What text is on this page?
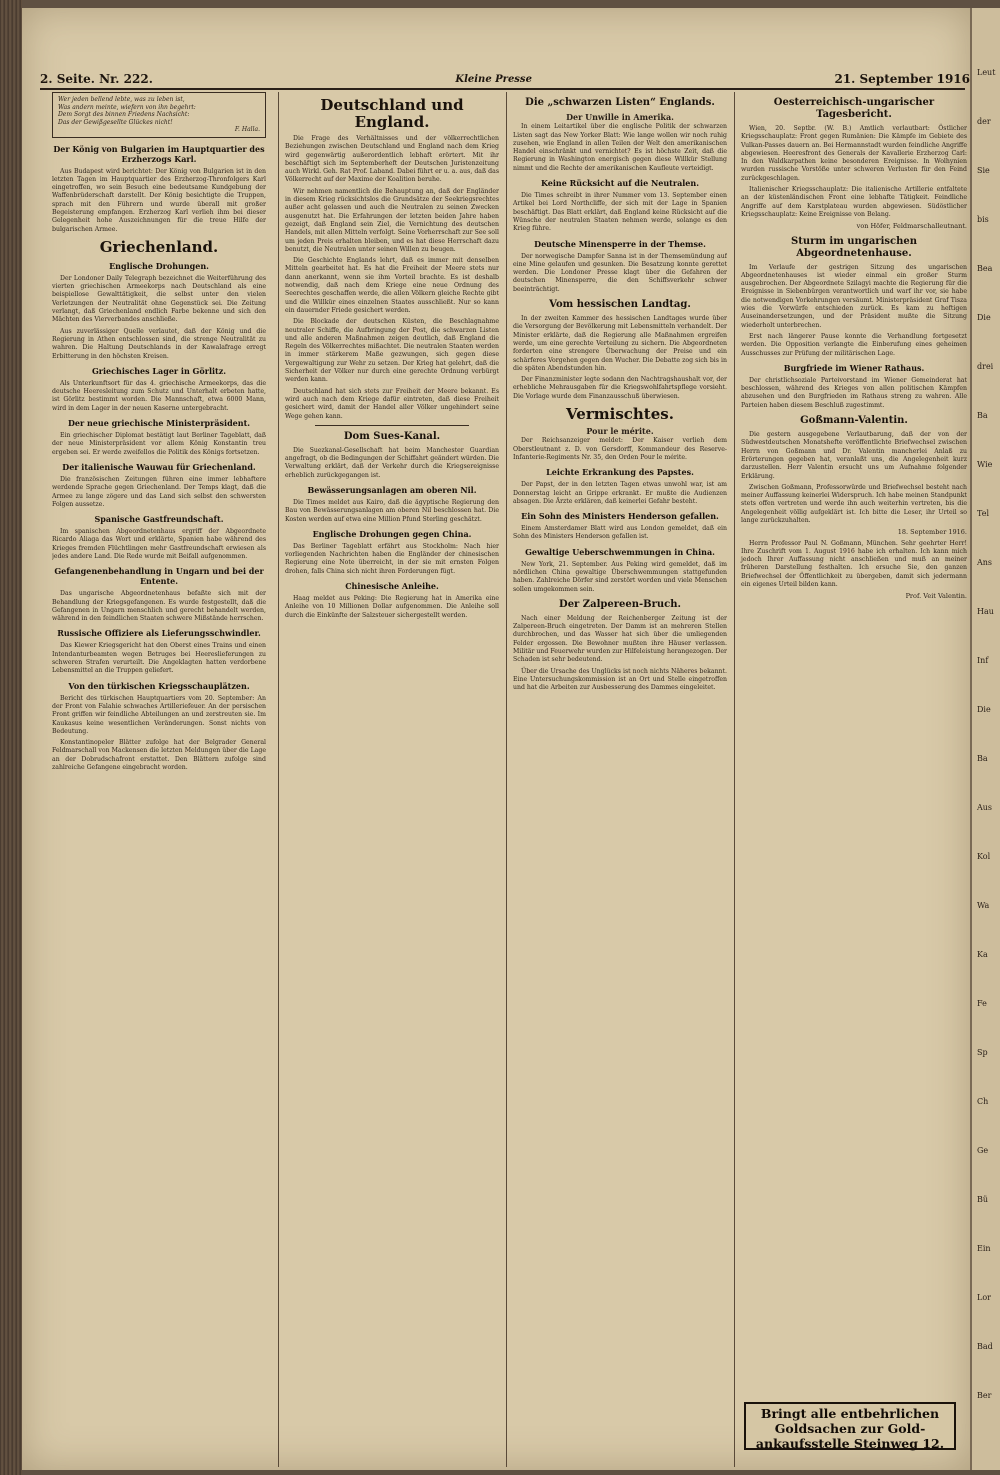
2. Seite. Nr. 222.	Kleine Presse	21. September 1916
Wer jeden bellend lebte, was zu leben ist,
Was andern meinte, wiefern von ihn begehrt:
Dem Sorgt des binnen Friedens Nachsicht:
Das der Gewißgesellte Glückes nicht!
F. Halla.
Der König von Bulgarien im Hauptquartier des Erzherzogs Karl.

Aus Budapest wird berichtet: Der König von Bulgarien ist in den letzten Tagen im Hauptquartier des Erzherzog-Thronfolgers Karl eingetroffen, wo sein Besuch eine bedeutsame Kundgebung der Waffenbrüderschaft darstellt. Der König besichtigte die Truppen, sprach mit den Führern und wurde überall mit großer Begeisterung empfangen. Erzherzog Karl verlieh ihm bei dieser Gelegenheit hohe Auszeichnungen für die treue Hilfe der bulgarischen Armee.

Griechenland.
Englische Drohungen.

Der Londoner Daily Telegraph bezeichnet die Weiterführung des vierten griechischen Armeekorps nach Deutschland als eine beispiellose Gewalttätigkeit, die selbst unter den vielen Verletzungen der Neutralität ohne Gegenstück sei. Die Zeitung verlangt, daß Griechenland endlich Farbe bekenne und sich den Mächten des Vierverbandes anschließe.

Aus zuverlässiger Quelle verlautet, daß der König und die Regierung in Athen entschlossen sind, die strenge Neutralität zu wahren. Die Haltung Deutschlands in der Kawalafrage erregt Erbitterung in den höchsten Kreisen.

Griechisches Lager in Görlitz.

Als Unterkunftsort für das 4. griechische Armeekorps, das die deutsche Heeresleitung zum Schutz und Unterhalt erbeten hatte, ist Görlitz bestimmt worden. Die Mannschaft, etwa 6000 Mann, wird in dem Lager in der neuen Kaserne untergebracht.

Der neue griechische Ministerpräsident.

Ein griechischer Diplomat bestätigt laut Berliner Tageblatt, daß der neue Ministerpräsident vor allem König Konstantin treu ergeben sei. Er werde zweifellos die Politik des Königs fortsetzen.

Der italienische Wauwau für Griechenland.

Die französischen Zeitungen führen eine immer lebhaftere werdende Sprache gegen Griechenland. Der Temps klagt, daß die Armee zu lange zögere und das Land sich selbst den schwersten Folgen aussetze.

Spanische Gastfreundschaft.

Im spanischen Abgeordnetenhaus ergriff der Abgeordnete Ricardo Aliaga das Wort und erklärte, Spanien habe während des Krieges fremden Flüchtlingen mehr Gastfreundschaft erwiesen als jedes andere Land. Die Rede wurde mit Beifall aufgenommen.

Gefangenenbehandlung in Ungarn und bei der Entente.

Das ungarische Abgeordnetenhaus befaßte sich mit der Behandlung der Kriegsgefangenen. Es wurde festgestellt, daß die Gefangenen in Ungarn menschlich und gerecht behandelt werden, während in den feindlichen Staaten schwere Mißstände herrschen.

Russische Offiziere als Lieferungsschwindler.

Das Kiewer Kriegsgericht hat den Oberst eines Trains und einen Intendanturbeamten wegen Betruges bei Heereslieferungen zu schweren Strafen verurteilt. Die Angeklagten hatten verdorbene Lebensmittel an die Truppen geliefert.

Von den türkischen Kriegsschauplätzen.

Bericht des türkischen Hauptquartiers vom 20. September: An der Front von Falahie schwaches Artilleriefeuer. An der persischen Front griffen wir feindliche Abteilungen an und zerstreuten sie. Im Kaukasus keine wesentlichen Veränderungen. Sonst nichts von Bedeutung.

Konstantinopeler Blätter zufolge hat der Belgrader General Feldmarschall von Mackensen die letzten Meldungen über die Lage an der Dobrudschafront erstattet. Den Blättern zufolge sind zahlreiche Gefangene eingebracht worden.

Deutschland und England.

Die Frage des Verhältnisses und der völkerrechtlichen Beziehungen zwischen Deutschland und England nach dem Krieg wird gegenwärtig außerordentlich lebhaft erörtert. Mit ihr beschäftigt sich im Septemberheft der Deutschen Juristenzeitung auch Wirkl. Geh. Rat Prof. Laband. Dabei führt er u. a. aus, daß das Völkerrecht auf der Maxime der Koalition beruhe.

Wir nehmen namentlich die Behauptung an, daß der Engländer in diesem Krieg rücksichtslos die Grundsätze der Seekriegsrechtes außer acht gelassen und auch die Neutralen zu seinen Zwecken ausgenutzt hat. Die Erfahrungen der letzten beiden Jahre haben gezeigt, daß England sein Ziel, die Vernichtung des deutschen Handels, mit allen Mitteln verfolgt. Seine Vorherrschaft zur See soll um jeden Preis erhalten bleiben, und es hat diese Herrschaft dazu benutzt, die Neutralen unter seinen Willen zu beugen.

Die Geschichte Englands lehrt, daß es immer mit denselben Mitteln gearbeitet hat. Es hat die Freiheit der Meere stets nur dann anerkannt, wenn sie ihm Vorteil brachte. Es ist deshalb notwendig, daß nach dem Kriege eine neue Ordnung des Seerechtes geschaffen werde, die allen Völkern gleiche Rechte gibt und die Willkür eines einzelnen Staates ausschließt. Nur so kann ein dauernder Friede gesichert werden.

Die Blockade der deutschen Küsten, die Beschlagnahme neutraler Schiffe, die Aufbringung der Post, die schwarzen Listen und alle anderen Maßnahmen zeigen deutlich, daß England die Regeln des Völkerrechtes mißachtet. Die neutralen Staaten werden in immer stärkerem Maße gezwungen, sich gegen diese Vergewaltigung zur Wehr zu setzen. Der Krieg hat gelehrt, daß die Sicherheit der Völker nur durch eine gerechte Ordnung verbürgt werden kann.

Deutschland hat sich stets zur Freiheit der Meere bekannt. Es wird auch nach dem Kriege dafür eintreten, daß diese Freiheit gesichert wird, damit der Handel aller Völker ungehindert seine Wege gehen kann.

Dom Sues-Kanal.

Die Suezkanal-Gesellschaft hat beim Manchester Guardian angefragt, ob die Bedingungen der Schiffahrt geändert würden. Die Verwaltung erklärt, daß der Verkehr durch die Kriegsereignisse erheblich zurückgegangen ist.

Bewässerungsanlagen am oberen Nil.

Die Times meldet aus Kairo, daß die ägyptische Regierung den Bau von Bewässerungsanlagen am oberen Nil beschlossen hat. Die Kosten werden auf etwa eine Million Pfund Sterling geschätzt.

Englische Drohungen gegen China.

Das Berliner Tageblatt erfährt aus Stockholm: Nach hier vorliegenden Nachrichten haben die Engländer der chinesischen Regierung eine Note überreicht, in der sie mit ernsten Folgen drohen, falls China sich nicht ihren Forderungen fügt.

Chinesische Anleihe.

Haag meldet aus Peking: Die Regierung hat in Amerika eine Anleihe von 10 Millionen Dollar aufgenommen. Die Anleihe soll durch die Einkünfte der Salzsteuer sichergestellt werden.

Die „schwarzen Listen“ Englands.
Der Unwille in Amerika.

In einem Leitartikel über die englische Politik der schwarzen Listen sagt das New Yorker Blatt: Wie lange wollen wir noch ruhig zusehen, wie England in allen Teilen der Welt den amerikanischen Handel einschränkt und vernichtet? Es ist höchste Zeit, daß die Regierung in Washington energisch gegen diese Willkür Stellung nimmt und die Rechte der amerikanischen Kaufleute verteidigt.

Keine Rücksicht auf die Neutralen.

Die Times schreibt in ihrer Nummer vom 13. September einen Artikel bei Lord Northcliffe, der sich mit der Lage in Spanien beschäftigt. Das Blatt erklärt, daß England keine Rücksicht auf die Wünsche der neutralen Staaten nehmen werde, solange es den Krieg führe.

Deutsche Minensperre in der Themse.

Der norwegische Dampfer Sanna ist in der Themsemündung auf eine Mine gelaufen und gesunken. Die Besatzung konnte gerettet werden. Die Londoner Presse klagt über die Gefahren der deutschen Minensperre, die den Schiffsverkehr schwer beeinträchtigt.

Vom hessischen Landtag.

In der zweiten Kammer des hessischen Landtages wurde über die Versorgung der Bevölkerung mit Lebensmitteln verhandelt. Der Minister erklärte, daß die Regierung alle Maßnahmen ergreifen werde, um eine gerechte Verteilung zu sichern. Die Abgeordneten forderten eine strengere Überwachung der Preise und ein schärferes Vorgehen gegen den Wucher. Die Debatte zog sich bis in die späten Abendstunden hin.

Der Finanzminister legte sodann den Nachtragshaushalt vor, der erhebliche Mehrausgaben für die Kriegswohlfahrtspflege vorsieht. Die Vorlage wurde dem Finanzausschuß überwiesen.

Vermischtes.
Pour le mérite.

Der Reichsanzeiger meldet: Der Kaiser verlieh dem Oberstleutnant z. D. von Gersdorff, Kommandeur des Reserve-Infanterie-Regiments Nr. 35, den Orden Pour le mérite.

Leichte Erkrankung des Papstes.

Der Papst, der in den letzten Tagen etwas unwohl war, ist am Donnerstag leicht an Grippe erkrankt. Er mußte die Audienzen absagen. Die Ärzte erklären, daß keinerlei Gefahr besteht.

Ein Sohn des Ministers Henderson gefallen.

Einem Amsterdamer Blatt wird aus London gemeldet, daß ein Sohn des Ministers Henderson gefallen ist.

Gewaltige Ueberschwemmungen in China.

New York, 21. September. Aus Peking wird gemeldet, daß im nördlichen China gewaltige Überschwemmungen stattgefunden haben. Zahlreiche Dörfer sind zerstört worden und viele Menschen sollen umgekommen sein.

Der Zalpereen-Bruch.

Nach einer Meldung der Reichenberger Zeitung ist der Zalpereen-Bruch eingetreten. Der Damm ist an mehreren Stellen durchbrochen, und das Wasser hat sich über die umliegenden Felder ergossen. Die Bewohner mußten ihre Häuser verlassen. Militär und Feuerwehr wurden zur Hilfeleistung herangezogen. Der Schaden ist sehr bedeutend.

Über die Ursache des Unglücks ist noch nichts Näheres bekannt. Eine Untersuchungskommission ist an Ort und Stelle eingetroffen und hat die Arbeiten zur Ausbesserung des Dammes eingeleitet.

Oesterreichisch-ungarischer Tagesbericht.

Wien, 20. Septbr. (W. B.) Amtlich verlautbart: Östlicher Kriegsschauplatz: Front gegen Rumänien: Die Kämpfe im Gebiete des Vulkan-Passes dauern an. Bei Hermannstadt wurden feindliche Angriffe abgewiesen. Heeresfront des Generals der Kavallerie Erzherzog Carl: In den Waldkarpathen keine besonderen Ereignisse. In Wolhynien wurden russische Vorstöße unter schweren Verlusten für den Feind zurückgeschlagen.

Italienischer Kriegsschauplatz: Die italienische Artillerie entfaltete an der küstenländischen Front eine lebhafte Tätigkeit. Feindliche Angriffe auf dem Karstplateau wurden abgewiesen. Südöstlicher Kriegsschauplatz: Keine Ereignisse von Belang.

von Höfer, Feldmarschalleutnant.
Sturm im ungarischen Abgeordnetenhause.

Im Verlaufe der gestrigen Sitzung des ungarischen Abgeordnetenhauses ist wieder einmal ein großer Sturm ausgebrochen. Der Abgeordnete Szilagyi machte die Regierung für die Ereignisse in Siebenbürgen verantwortlich und warf ihr vor, sie habe die notwendigen Vorkehrungen versäumt. Ministerpräsident Graf Tisza wies die Vorwürfe entschieden zurück. Es kam zu heftigen Auseinandersetzungen, und der Präsident mußte die Sitzung wiederholt unterbrechen.

Erst nach längerer Pause konnte die Verhandlung fortgesetzt werden. Die Opposition verlangte die Einberufung eines geheimen Ausschusses zur Prüfung der militärischen Lage.

Burgfriede im Wiener Rathaus.

Der christlichsoziale Parteivorstand im Wiener Gemeinderat hat beschlossen, während des Krieges von allen politischen Kämpfen abzusehen und den Burgfrieden im Rathaus streng zu wahren. Alle Parteien haben diesem Beschluß zugestimmt.

Goßmann-Valentin.

Die gestern ausgegebene Verlautbarung, daß der von der Südwestdeutschen Monatshefte veröffentlichte Briefwechsel zwischen Herrn von Goßmann und Dr. Valentin mancherlei Anlaß zu Erörterungen gegeben hat, veranlaßt uns, die Angelegenheit kurz darzustellen. Herr Valentin ersucht uns um Aufnahme folgender Erklärung.

Zwischen Goßmann, Professorwürde und Briefwechsel besteht nach meiner Auffassung keinerlei Widerspruch. Ich habe meinen Standpunkt stets offen vertreten und werde ihn auch weiterhin vertreten, bis die Angelegenheit völlig aufgeklärt ist. Ich bitte die Leser, ihr Urteil so lange zurückzuhalten.

18. September 1916.

Herrn Professor Paul N. Goßmann, München. Sehr geehrter Herr! Ihre Zuschrift vom 1. August 1916 habe ich erhalten. Ich kann mich jedoch Ihrer Auffassung nicht anschließen und muß an meiner früheren Darstellung festhalten. Ich ersuche Sie, den ganzen Briefwechsel der Öffentlichkeit zu übergeben, damit sich jedermann ein eigenes Urteil bilden kann.

Prof. Veit Valentin.
Bringt alle entbehrlichen
Goldsachen zur Gold-
ankaufsstelle Steinweg 12.
Leut
der
Sie
bis
Bea
Die
drei
Ba
Wie
Tel
Ans
Hau
Inf
Die
Ba
Aus
Kol
Wa
Ka
Fe
Sp
Ch
Ge
Bü
Ein
Lor
Bad
Ber
